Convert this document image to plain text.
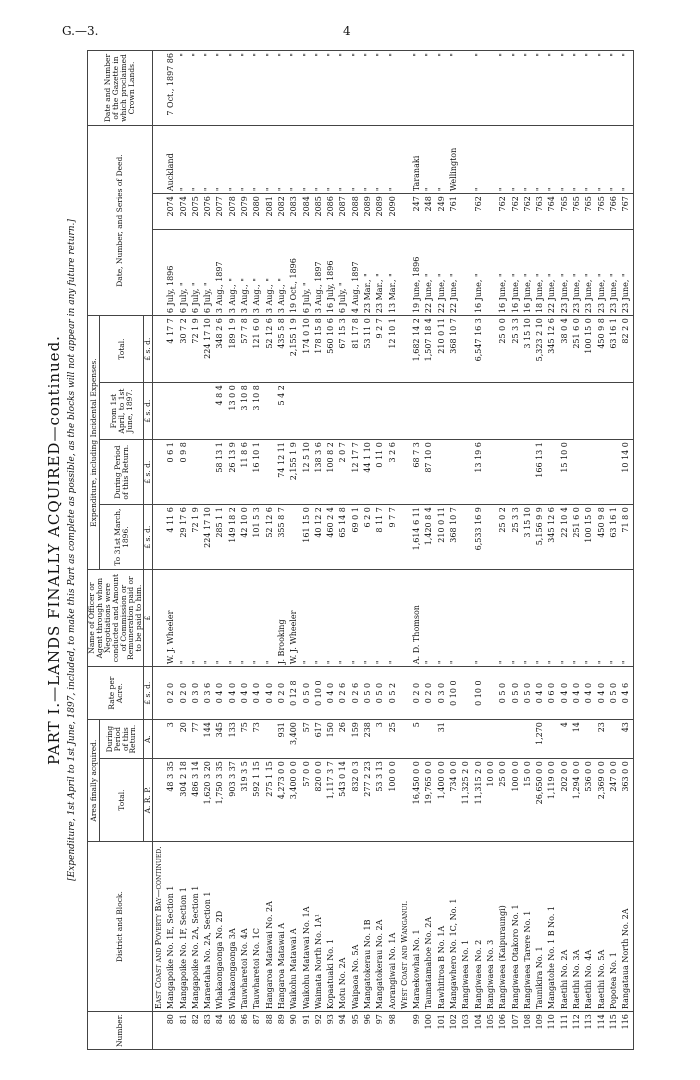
G.—3.	4
PART I.—LANDS FINALLY ACQUIRED—continued. [Expenditure, 1st April to 1st June, 1897, included, to make this Part as complete as possible, as the blocks will not appear in any future return.]
Number.	District and Block.	Area finally acquired.		Rate per Acre.	Name of Officer or Agent through whom Negotiations were conducted and Amount of Commission or Remuneration paid or to be paid to him.	Expenditure, including Incidental Expenses.				Date, Number, and Series of Deed.			Date and Number of the Gazette in which proclaimed Crown Lands.
		Total.	During Period of this Return.			To 31st March, 1896.	During Period of this Return.	From 1st April, to 1st June, 1897.	Total.				
		A. R. P.	A.	£ s. d.	£	£ s. d.	£ s. d.	£ s. d.	£ s. d.				
	East Coast and Poverty Bay—continued.												
80	Mangapoike No. 1E, Section 1	48 3 35	3	0 2 0	W. J. Wheeler	4 11 6	0 6 1		4 17 7	6 July, 1896	2074	Auckland	7 Oct., 1897 86
81	Mangapoike No. 1F, Section 1	304 2 18	20	0 2 0	"	29 17 6	0 9 8		30 7 2	6 July, "	2074	"	"
82	Mangapoike No. 2A, Section 1	486 3 14	77	0 3 0	"	72 1 9			72 1 9	6 July, "	2075	"	"
83	Maraetaha No. 2A, Section 1	1,620 3 20	144	0 3 6	"	224 17 10			224 17 10	6 July, "	2076	"	"
84	Whakaongaonga No. 2D	1,750 3 35	345	0 4 0	"	285 1 1	58 13 1	4 8 4	348 2 6	3 Aug., 1897	2077	"	"
85	Whakaongaonga 3A	903 3 37	133	0 4 0	"	149 18 2	26 13 9	13 0 0	189 1 9	3 Aug., "	2078	"	"
86	Tauwharetoi No. 4A	319 3 5	75	0 4 0	"	42 10 0	11 8 6	3 10 8	57 7 8	3 Aug., "	2079	"	"
87	Tauwharetoi No. 1C	592 1 15	73	0 4 0	"	101 5 3	16 10 1	3 10 8	121 6 0	3 Aug., "	2080	"	"
88	Hangaroa Matawai No. 2A	275 1 15		0 4 0	"	52 12 6			52 12 6	3 Aug., "	2081	"	"
89	Hangaroa Matawai A	4,273 0 0	931	0 2 0	J. Brooking	355 8 7	74 12 11	5 4 2	435 5 8	3 Aug., "	2082	"	"
90	Waikohu Matawai A	3,400 0 0	3,400	0 12 8	W. J. Wheeler		2,155 1 9		2,155 1 9	19 Oct., 1896	2083	"	"
91	Waikohu Matawai No. 1A	57 0 0	57	0 5 0	"	161 15 0	12 5 10		174 0 10	6 July, "	2084	"	"
92	Waimata North No. 1A¹	820 0 0	617	0 10 0	"	40 12 2	138 3 6		178 15 8	3 Aug., 1897	2085	"	"
93	Kopaatuaki No. 1	1,117 3 7	150	0 4 0	"	460 2 4	100 8 2		560 10 6	16 July, 1896	2086	"	"
94	Motu No. 2A	543 0 14	26	0 2 6	"	65 14 8	2 0 7		67 15 3	6 July, "	2087	"	"
95	Waipaoa No. 5A	832 0 3	159	0 2 6	"	69 0 1	12 17 7		81 17 8	4 Aug., 1897	2088	"	"
96	Mangatokerau No. 1B	277 2 23	238	0 5 0	"	6 2 0	44 1 10		53 11 0	23 Mar., "	2089	"	"
97	Mangatokerau No. 2A	53 3 13	3	0 5 0	"	8 11 7	0 11 0		9 2 7	23 Mar., "	2089	"	"
98	Aorangiwai No. 1A	100 0 0	25	0 5 2	"	9 7 7	3 2 6		12 10 1	13 Mar., "	2090	"	"
	West Coast and Wanganui.												
99	Maraekowhai No. 1	16,450 0 0	5	0 2 0	A. D. Thomson	1,614 6 11	68 7 3		1,682 14 2	19 June, 1896	247	Taranaki	"
100	Taumatamahoe No. 2A	19,765 0 0		0 2 0	"	1,420 8 4	87 10 0		1,507 18 4	22 June, "	248	"	"
101	Rawhitiroa B No. 1A	1,400 0 0	31	0 3 0	"	210 0 11			210 0 11	22 June, "	249	"	"
102	Mangawhero No. 1C, No. 1	734 0 0		0 10 0	"	368 10 7			368 10 7	22 June, "	761	Wellington	"
103	Rangiwaea No. 1	11,325 2 0											
104	Rangiwaea No. 2	11,315 2 0		0 10 0	"	6,533 16 9	13 19 6		6,547 16 3	16 June, "	762	"	"
105	Rangiwaea No. 3	10 0 0											
106	Rangiwaea (Kaipuraungi)	25 0 0		0 5 0	"	25 0 2			25 0 0	16 June, "	762	"	"
107	Rangiwaea Otakoro No. 1	100 0 0		0 5 0	"	25 3 3			25 3 3	16 June, "	762	"	"
108	Rangiwaea Tarere No. 1	15 0 0		0 5 0	"	3 15 10			3 15 10	16 June, "	762	"	"
109	Taunikira No. 1	26,650 0 0	1,270	0 4 0	"	5,156 9 9	166 13 1		5,323 2 10	18 June, "	763	"	"
110	Mangatohe No. 1 B No. 1	1,119 0 0		0 6 0	"	345 12 6			345 12 6	22 June, "	764	"	"
111	Raetihi No. 2A	202 0 0	4	0 4 0	"	22 10 4	15 10 0		38 0 4	23 June, "	765	"	"
112	Raetihi No. 3A	1,294 0 0	14	0 4 0	"	251 6 0			251 6 0	23 June, "	765	"	"
113	Raetihi No. 4A	536 0 0		0 4 0	"	100 15 0			100 15 0	23 June, "	765	"	"
114	Raetihi No. 5A	2,369 0 0	23	0 4 0	"	450 9 8			450 9 8	23 June, "	765	"	"
115	Popotea No. 1	247 0 0		0 5 0	"	63 16 1			63 16 1	23 June, "	766	"	"
116	Rangataua North No. 2A	363 0 0	43	0 4 6	"	71 8 0	10 14 0		82 2 0	23 June, "	767	"	"
